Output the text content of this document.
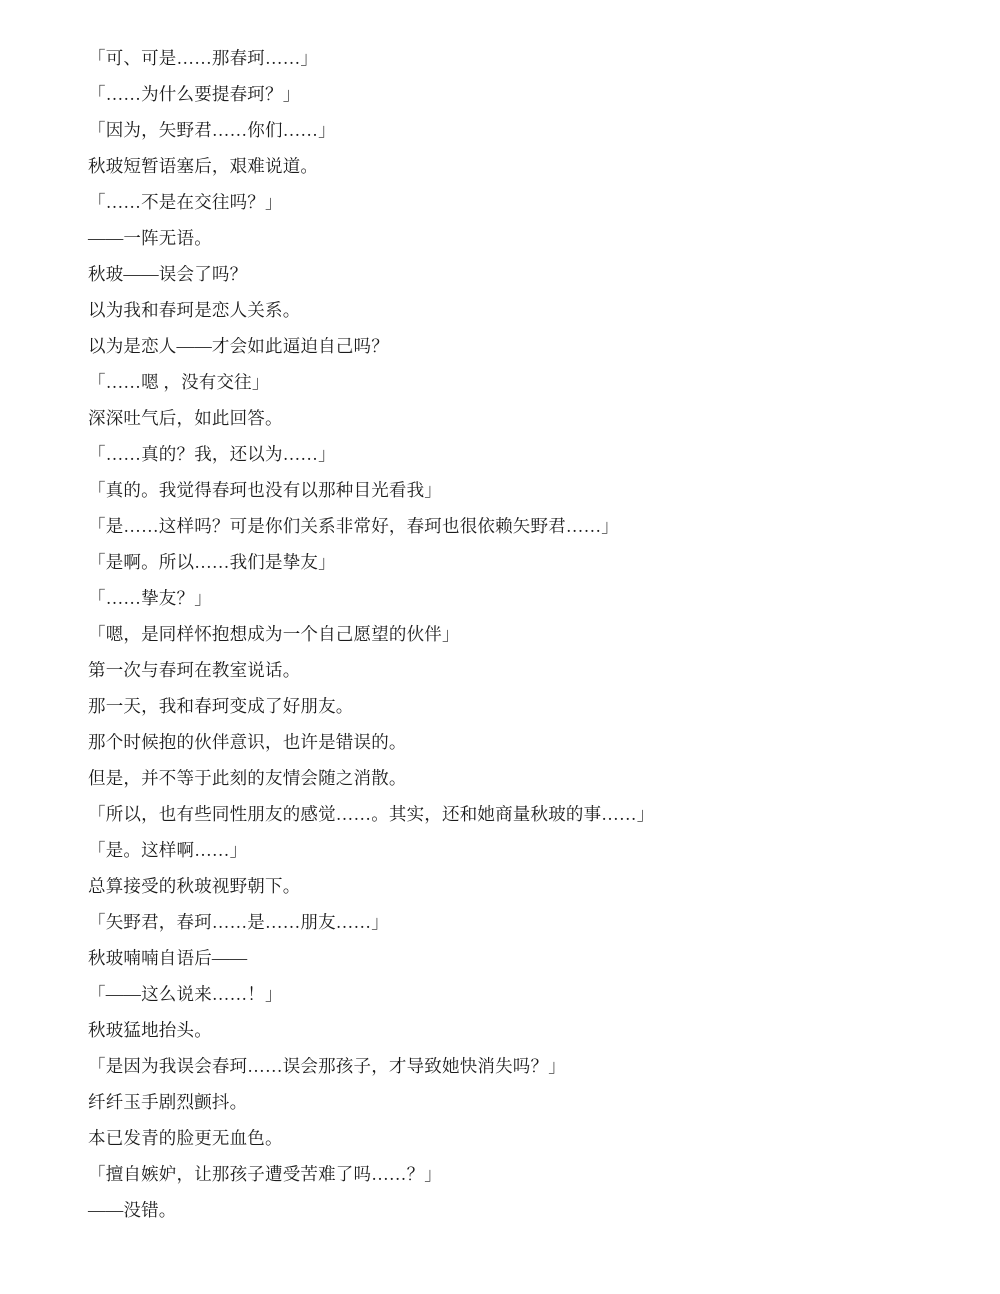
「可、可是……那春珂……」

「……为什么要提春珂？」

「因为，矢野君……你们……」

秋玻短暂语塞后，艰难说道。

「……不是在交往吗？」

——一阵无语。

秋玻——误会了吗？

以为我和春珂是恋人关系。

以为是恋人——才会如此逼迫自己吗？

「……嗯 ，没有交往」

深深吐气后，如此回答。

「……真的？我，还以为……」

「真的。我觉得春珂也没有以那种目光看我」

「是……这样吗？可是你们关系非常好，春珂也很依赖矢野君……」

「是啊。所以……我们是挚友」

「……挚友？」

「嗯，是同样怀抱想成为一个自己愿望的伙伴」

第一次与春珂在教室说话。

那一天，我和春珂变成了好朋友。

那个时候抱的伙伴意识，也许是错误的。

但是，并不等于此刻的友情会随之消散。

「所以，也有些同性朋友的感觉……。其实，还和她商量秋玻的事……」

「是。这样啊……」

总算接受的秋玻视野朝下。

「矢野君，春珂……是……朋友……」

秋玻喃喃自语后——

「——这么说来……！」

秋玻猛地抬头。

「是因为我误会春珂……误会那孩子，才导致她快消失吗？」

纤纤玉手剧烈颤抖。

本已发青的脸更无血色。

「擅自嫉妒，让那孩子遭受苦难了吗……？」

——没错。
